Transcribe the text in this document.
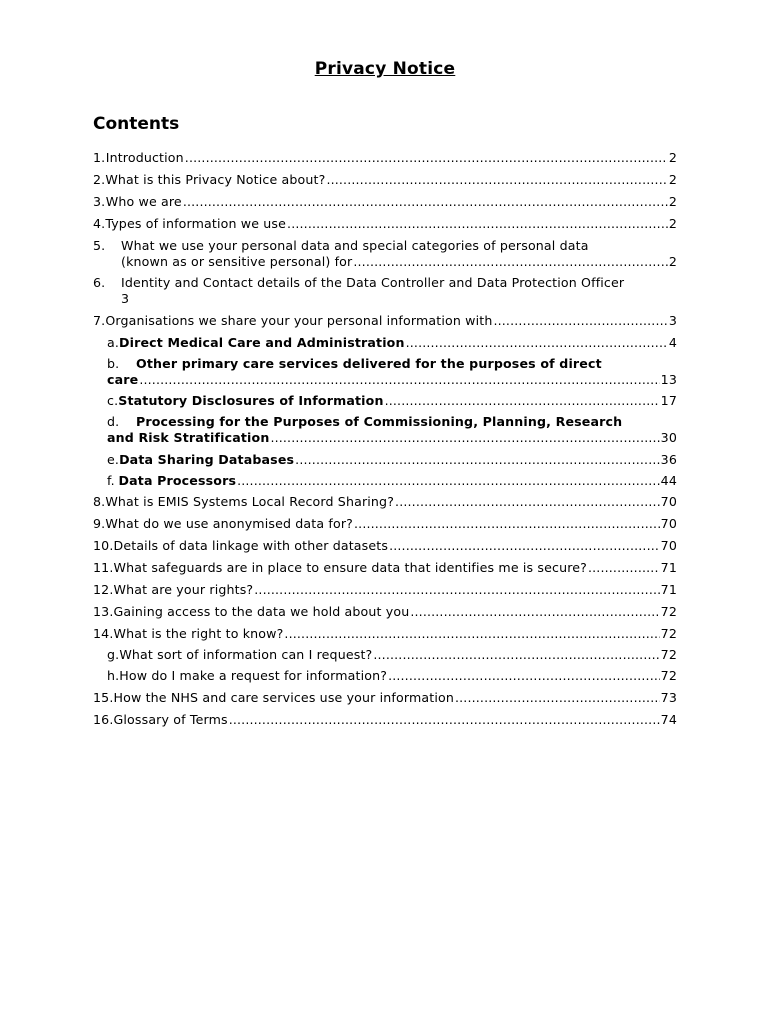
Privacy Notice
Contents
1. Introduction .....	2
2. What is this Privacy Notice about? .....	2
3. Who we are .....	2
4. Types of information we use .....	2
5.	What we use your personal data and special categories of personal data
(known as or sensitive personal) for .....	2
6.	Identity and Contact details of the Data Controller and Data Protection Officer
3
7. Organisations we share your your personal information with .....	3
a. Direct Medical Care and Administration .....	4
b.	Other primary care services delivered for the purposes of direct
care .....	13
c. Statutory Disclosures of Information .....	17
d.	Processing for the Purposes of Commissioning, Planning, Research
and Risk Stratification .....	30
e. Data Sharing Databases .....	36
f. Data Processors .....	44
8. What is EMIS Systems Local Record Sharing? .....	70
9. What do we use anonymised data for? .....	70
10. Details of data linkage with other datasets .....	70
11. What safeguards are in place to ensure data that identifies me is secure? .....	71
12. What are your rights? .....	71
13. Gaining access to the data we hold about you .....	72
14. What is the right to know? .....	72
g. What sort of information can I request? .....	72
h. How do I make a request for information? .....	72
15. How the NHS and care services use your information .....	73
16. Glossary of Terms .....	74
